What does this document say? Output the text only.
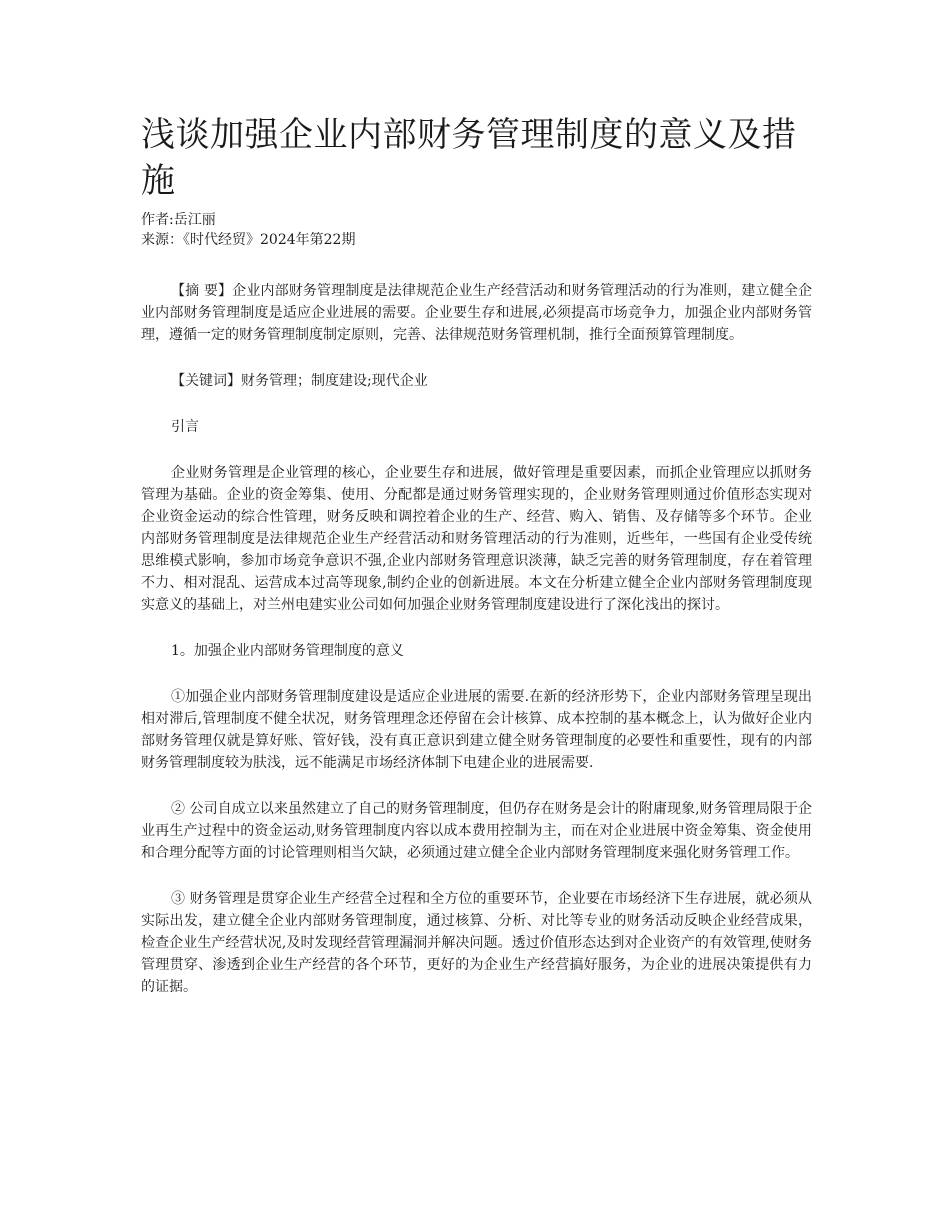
浅谈加强企业内部财务管理制度的意义及措施

作者:岳江丽

来源：《时代经贸》2024年第22期

【摘 要】企业内部财务管理制度是法律规范企业生产经营活动和财务管理活动的行为准则，建立健全企业内部财务管理制度是适应企业进展的需要。企业要生存和进展,必须提高市场竞争力，加强企业内部财务管理，遵循一定的财务管理制度制定原则，完善、法律规范财务管理机制，推行全面预算管理制度。

【关键词】财务管理；制度建设;现代企业

引言

企业财务管理是企业管理的核心，企业要生存和进展，做好管理是重要因素，而抓企业管理应以抓财务管理为基础。企业的资金筹集、使用、分配都是通过财务管理实现的，企业财务管理则通过价值形态实现对企业资金运动的综合性管理，财务反映和调控着企业的生产、经营、购入、销售、及存储等多个环节。企业内部财务管理制度是法律规范企业生产经营活动和财务管理活动的行为准则，近些年，一些国有企业受传统思维模式影响，参加市场竞争意识不强,企业内部财务管理意识淡薄，缺乏完善的财务管理制度，存在着管理不力、相对混乱、运营成本过高等现象,制约企业的创新进展。本文在分析建立健全企业内部财务管理制度现实意义的基础上，对兰州电建实业公司如何加强企业财务管理制度建设进行了深化浅出的探讨。

1。加强企业内部财务管理制度的意义

①加强企业内部财务管理制度建设是适应企业进展的需要.在新的经济形势下，企业内部财务管理呈现出相对滞后,管理制度不健全状况，财务管理理念还停留在会计核算、成本控制的基本概念上，认为做好企业内部财务管理仅就是算好账、管好钱，没有真正意识到建立健全财务管理制度的必要性和重要性，现有的内部财务管理制度较为肤浅，远不能满足市场经济体制下电建企业的进展需要.

② 公司自成立以来虽然建立了自己的财务管理制度，但仍存在财务是会计的附庸现象,财务管理局限于企业再生产过程中的资金运动,财务管理制度内容以成本费用控制为主，而在对企业进展中资金筹集、资金使用和合理分配等方面的讨论管理则相当欠缺，必须通过建立健全企业内部财务管理制度来强化财务管理工作。

③ 财务管理是贯穿企业生产经营全过程和全方位的重要环节，企业要在市场经济下生存进展，就必须从实际出发，建立健全企业内部财务管理制度，通过核算、分析、对比等专业的财务活动反映企业经营成果，检查企业生产经营状况,及时发现经营管理漏洞并解决问题。透过价值形态达到对企业资产的有效管理,使财务管理贯穿、渗透到企业生产经营的各个环节，更好的为企业生产经营搞好服务，为企业的进展决策提供有力的证据。
